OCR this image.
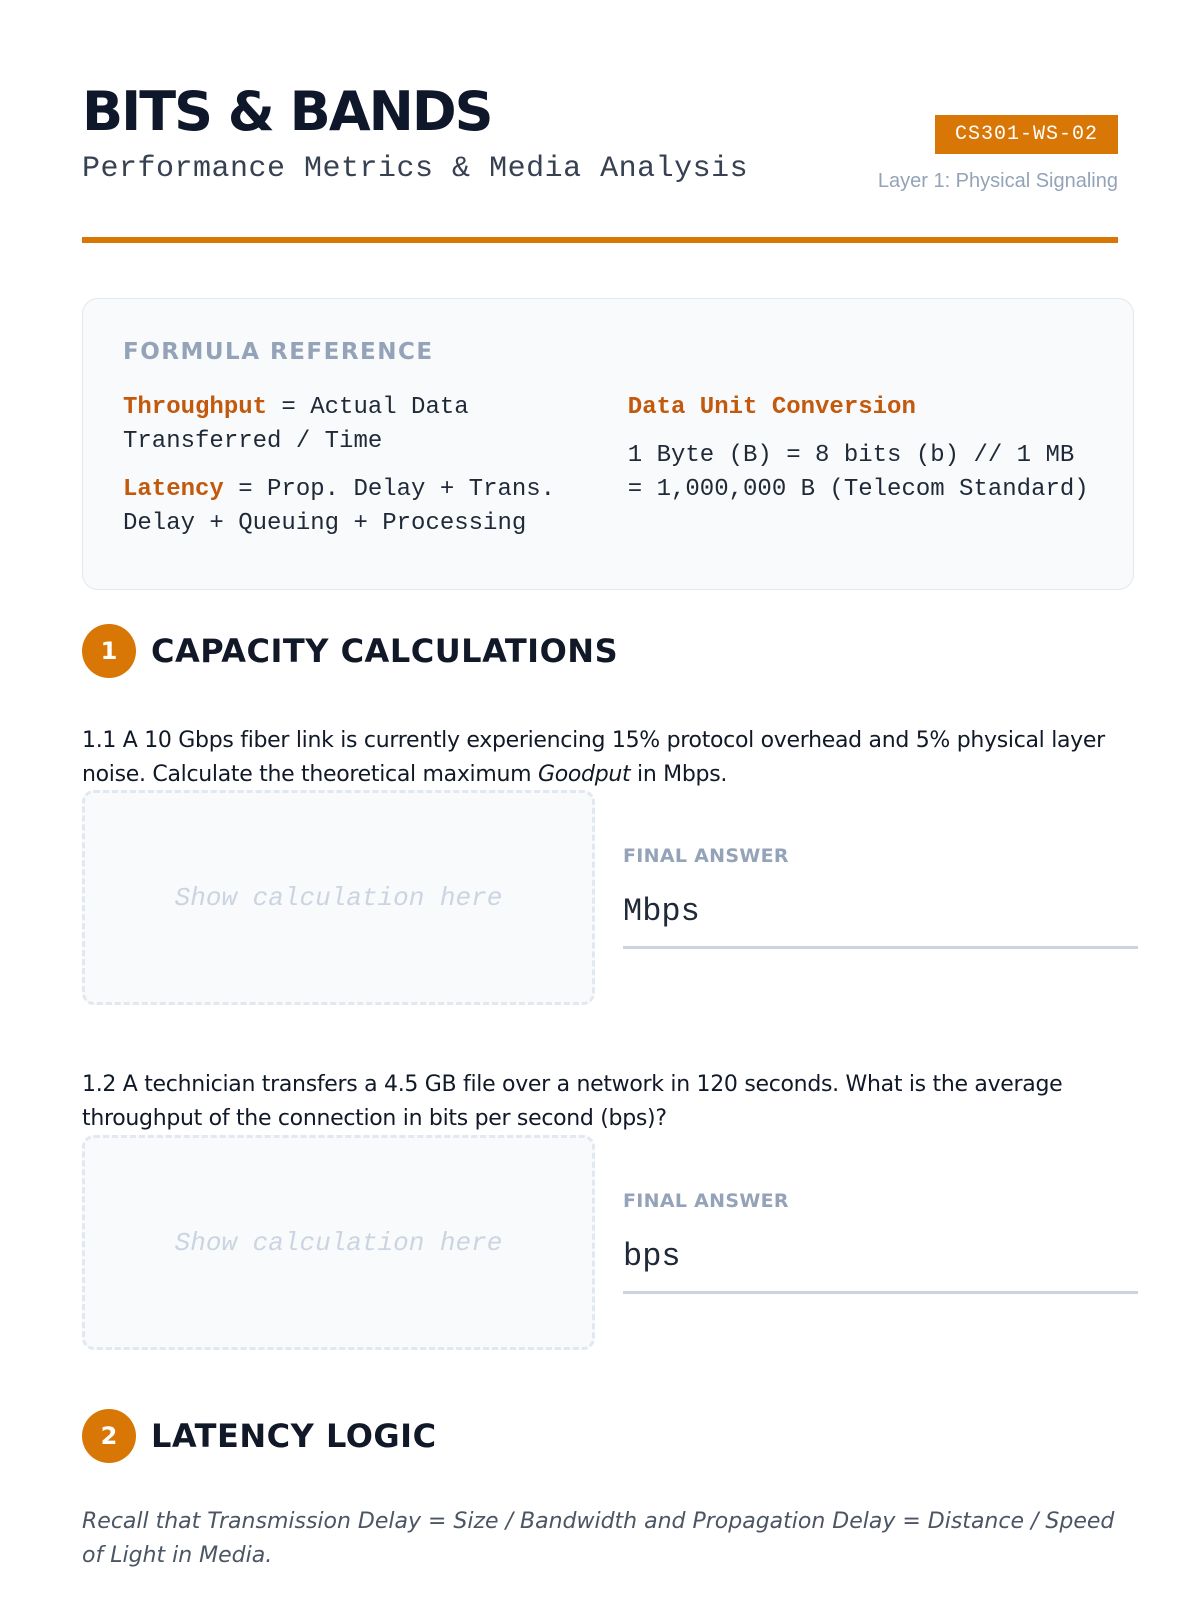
BITS & BANDS
Performance Metrics & Media Analysis
CS301-WS-02
Layer 1: Physical Signaling
FORMULA REFERENCE
Throughput = Actual Data Transferred / Time
Latency = Prop. Delay + Trans. Delay + Queuing + Processing
Data Unit Conversion
1 Byte (B) = 8 bits (b) // 1 MB = 1,000,000 B (Telecom Standard)
1	CAPACITY CALCULATIONS
1.1 A 10 Gbps fiber link is currently experiencing 15% protocol overhead and 5% physical layer noise. Calculate the theoretical maximum Goodput in Mbps.
Show calculation here
FINAL ANSWER
Mbps
1.2 A technician transfers a 4.5 GB file over a network in 120 seconds. What is the average throughput of the connection in bits per second (bps)?
Show calculation here
FINAL ANSWER
bps
2	LATENCY LOGIC
Recall that Transmission Delay = Size / Bandwidth and Propagation Delay = Distance / Speed of Light in Media.
